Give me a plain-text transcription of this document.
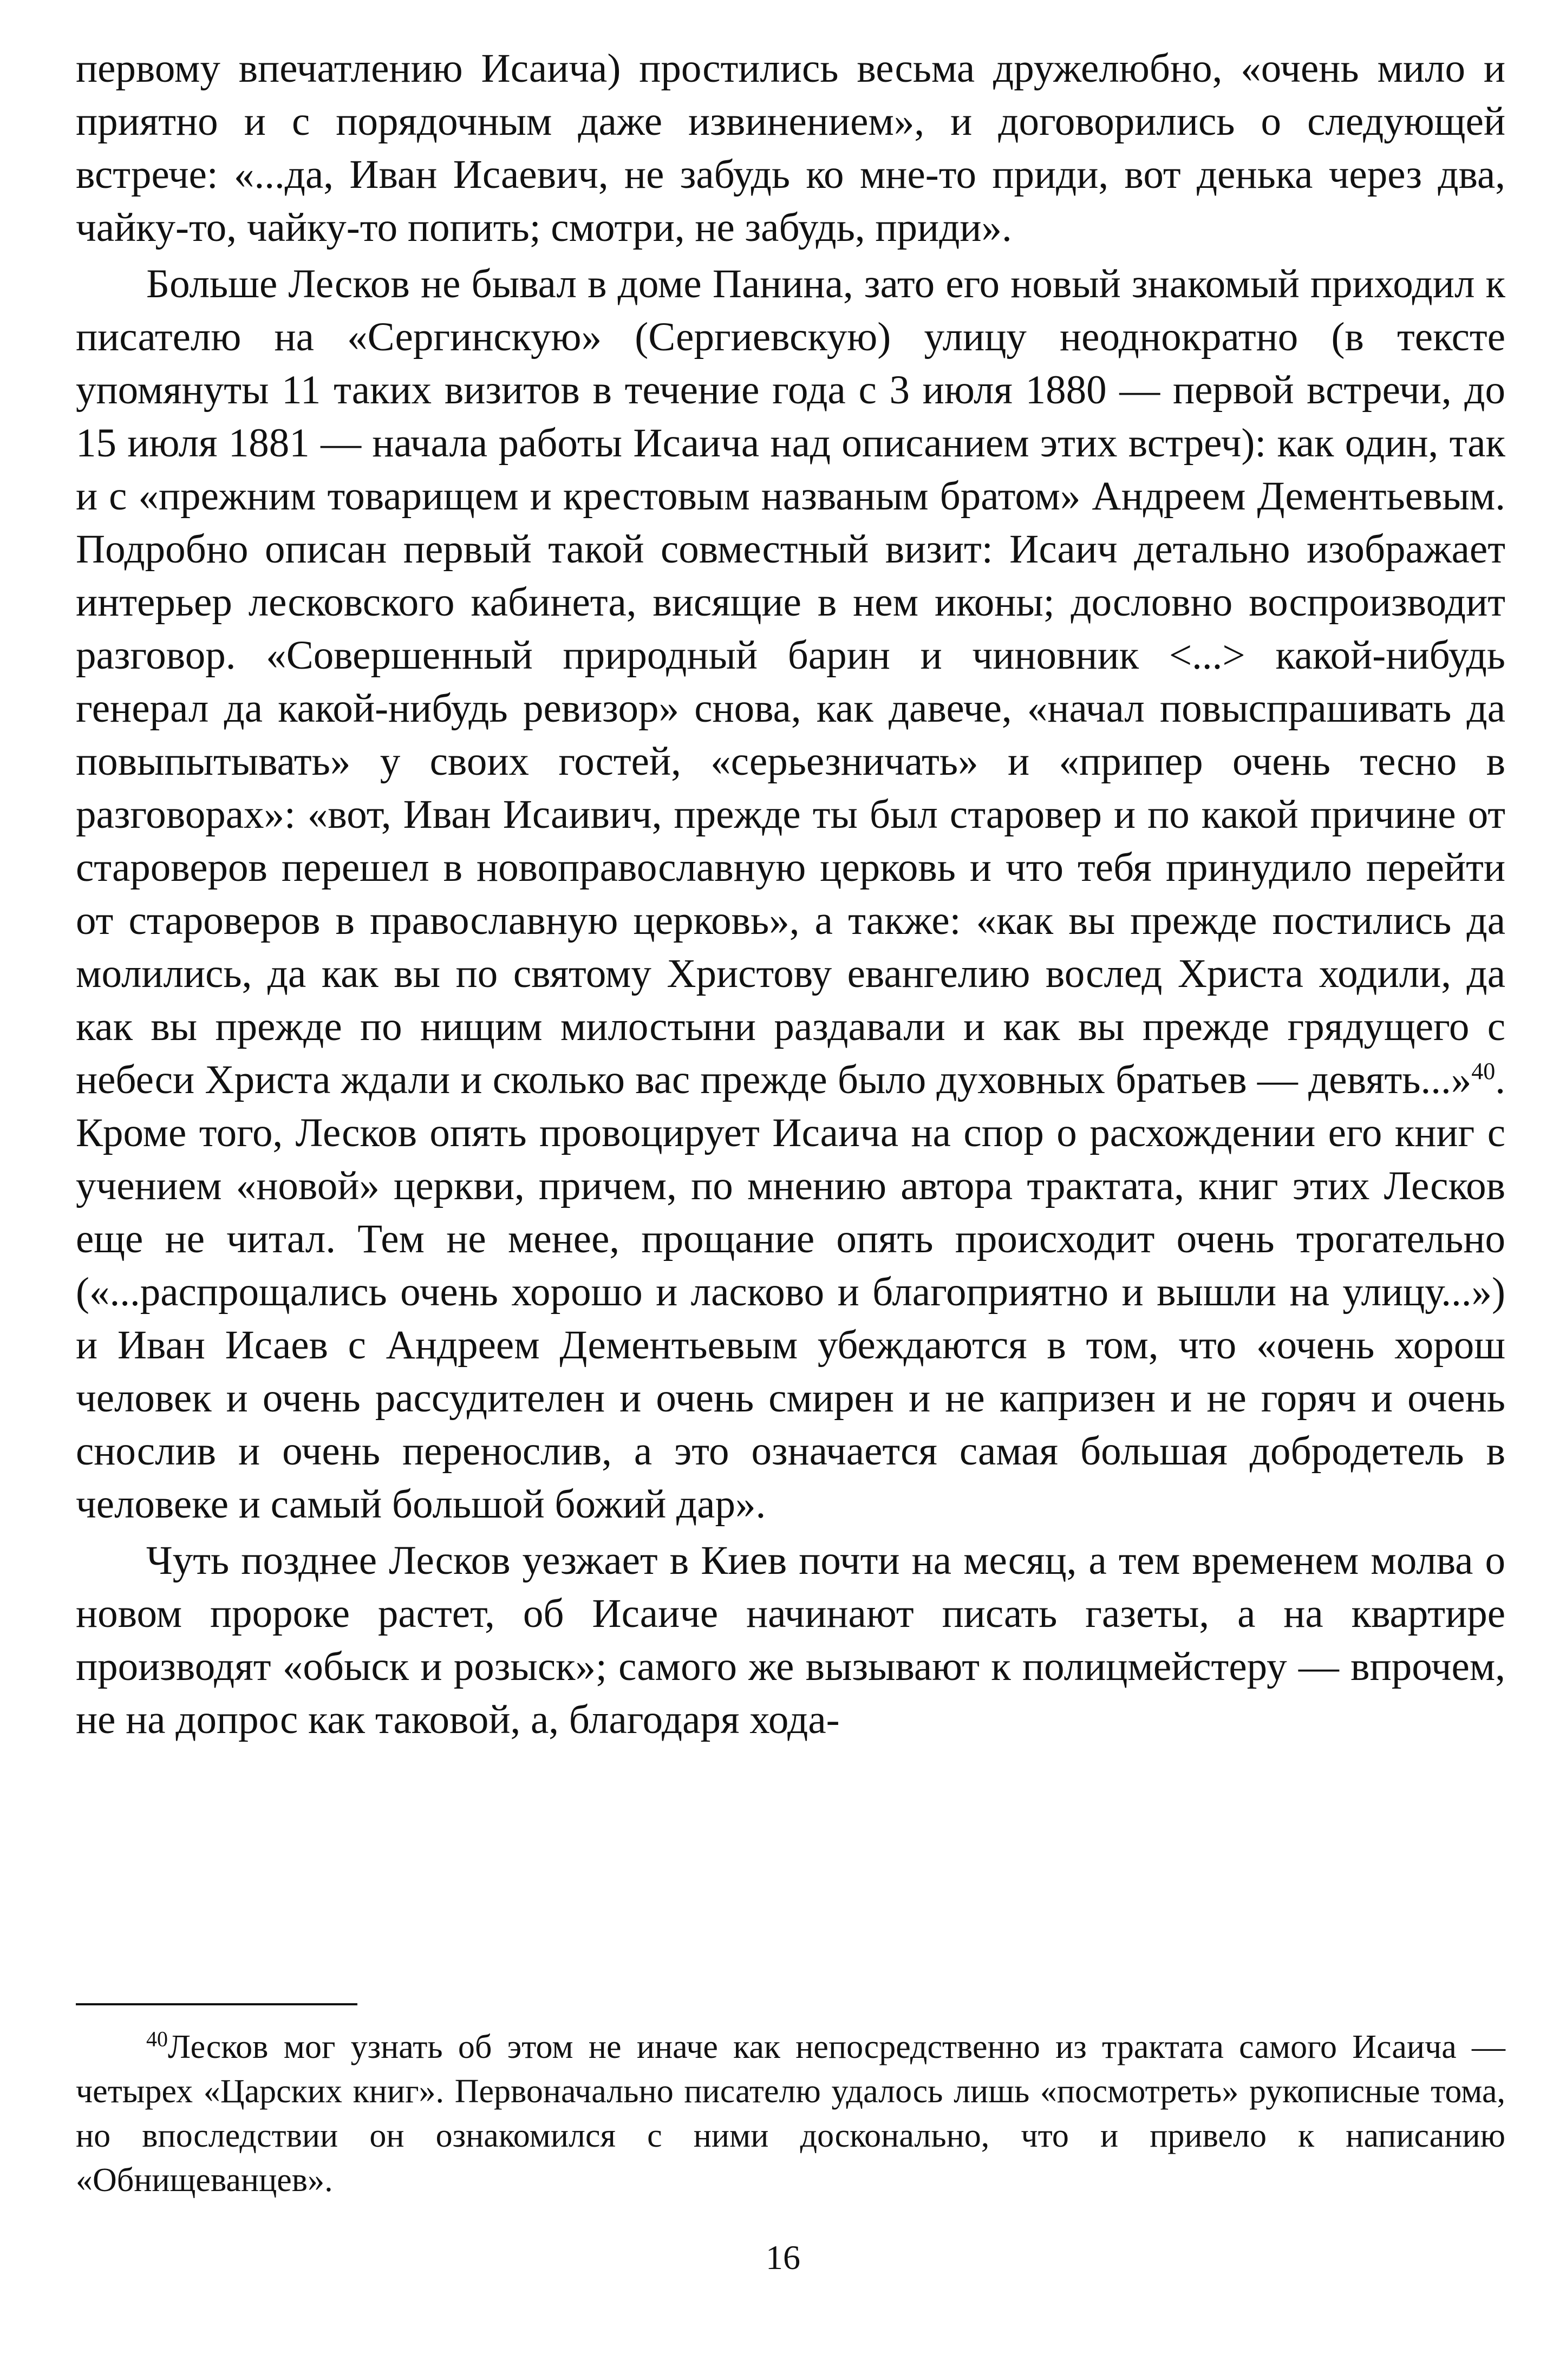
первому впечатлению Исаича) простились весьма дружелюбно, «очень мило и приятно и с порядочным даже извинением», и договорились о следующей встрече: «...да, Иван Исаевич, не забудь ко мне-то приди, вот денька через два, чайку-то, чайку-то попить; смотри, не забудь, приди».

Больше Лесков не бывал в доме Панина, зато его новый знакомый приходил к писателю на «Сергинскую» (Сергиевскую) улицу неоднократно (в тексте упомянуты 11 таких визитов в течение года с 3 июля 1880 — первой встречи, до 15 июля 1881 — начала работы Исаича над описанием этих встреч): как один, так и с «прежним товарищем и крестовым названым братом» Андреем Дементьевым. Подробно описан первый такой совместный визит: Исаич детально изображает интерьер лесковского кабинета, висящие в нем иконы; дословно воспроизводит разговор. «Совершенный природный барин и чиновник <...> какой-нибудь генерал да какой-нибудь ревизор» снова, как давече, «начал повыспрашивать да повыпытывать» у своих гостей, «серьезничать» и «припер очень тесно в разговорах»: «вот, Иван Исаивич, прежде ты был старовер и по какой причине от староверов перешел в новоправославную церковь и что тебя принудило перейти от староверов в православную церковь», а также: «как вы прежде постились да молились, да как вы по святому Христову евангелию вослед Христа ходили, да как вы прежде по нищим милостыни раздавали и как вы прежде грядущего с небеси Христа ждали и сколько вас прежде было духовных братьев — девять...»$^{40}$. Кроме того, Лесков опять провоцирует Исаича на спор о расхождении его книг с учением «новой» церкви, причем, по мнению автора трактата, книг этих Лесков еще не читал. Тем не менее, прощание опять происходит очень трогательно («...распрощались очень хорошо и ласково и благоприятно и вышли на улицу...») и Иван Исаев с Андреем Дементьевым убеждаются в том, что «очень хорош человек и очень рассудителен и очень смирен и не капризен и не горяч и очень снослив и очень переноcлив, а это означается самая большая добродетель в человеке и самый большой божий дар».

Чуть позднее Лесков уезжает в Киев почти на месяц, а тем временем молва о новом пророке растет, об Исаиче начинают писать газеты, а на квартире производят «обыск и розыск»; самого же вызывают к полицмейстеру — впрочем, не на допрос как таковой, а, благодаря хода-

$^{40}$Лесков мог узнать об этом не иначе как непосредственно из трактата самого Исаича — четырех «Царских книг». Первоначально писателю удалось лишь «посмотреть» рукописные тома, но впоследствии он ознакомился с ними досконально, что и привело к написанию «Обнищеванцев».

16
